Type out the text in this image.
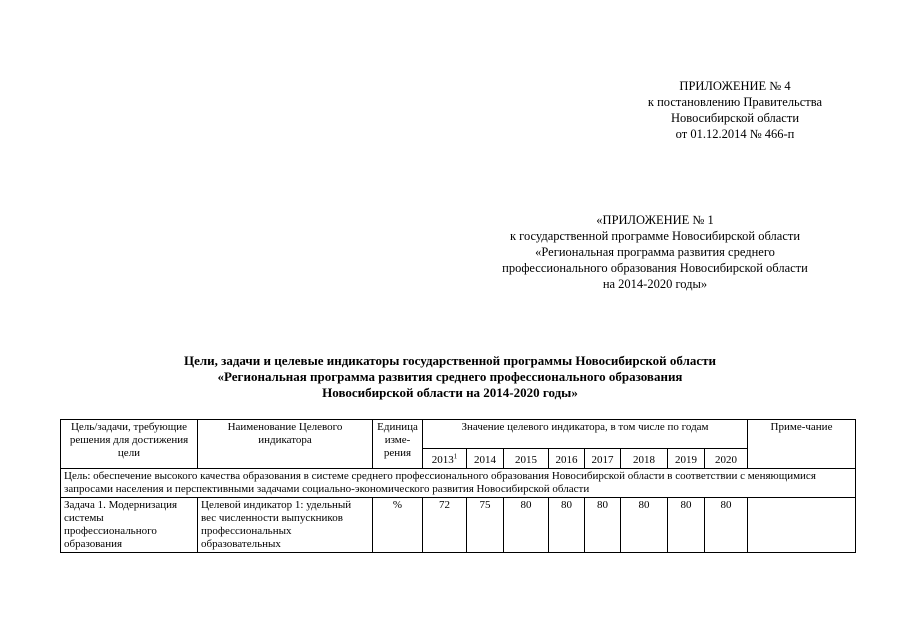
ПРИЛОЖЕНИЕ № 4
к постановлению Правительства
Новосибирской области
от 01.12.2014 № 466-п
«ПРИЛОЖЕНИЕ № 1
к государственной программе Новосибирской области
«Региональная программа развития среднего
профессионального образования Новосибирской области
на 2014-2020 годы»
Цели, задачи и целевые индикаторы государственной программы Новосибирской области
«Региональная программа развития среднего профессионального образования
Новосибирской области на 2014-2020 годы»
Цель/задачи, требующие решения для достижения цели	Наименование Целевого индикатора	Единица изме-рения	Значение целевого индикатора, в том числе по годам								Приме-чание
			2013$^1$	2014	2015	2016	2017	2018	2019	2020	
Цель: обеспечение высокого качества образования в системе среднего профессионального образования Новосибирской области в соответствии с меняющимися запросами населения и перспективными задачами социально-экономического развития Новосибирской области											
Задача 1. Модернизация системы профессионального образования	Целевой индикатор 1: удельный вес численности выпускников профессиональных образовательных	%	72	75	80	80	80	80	80	80	
